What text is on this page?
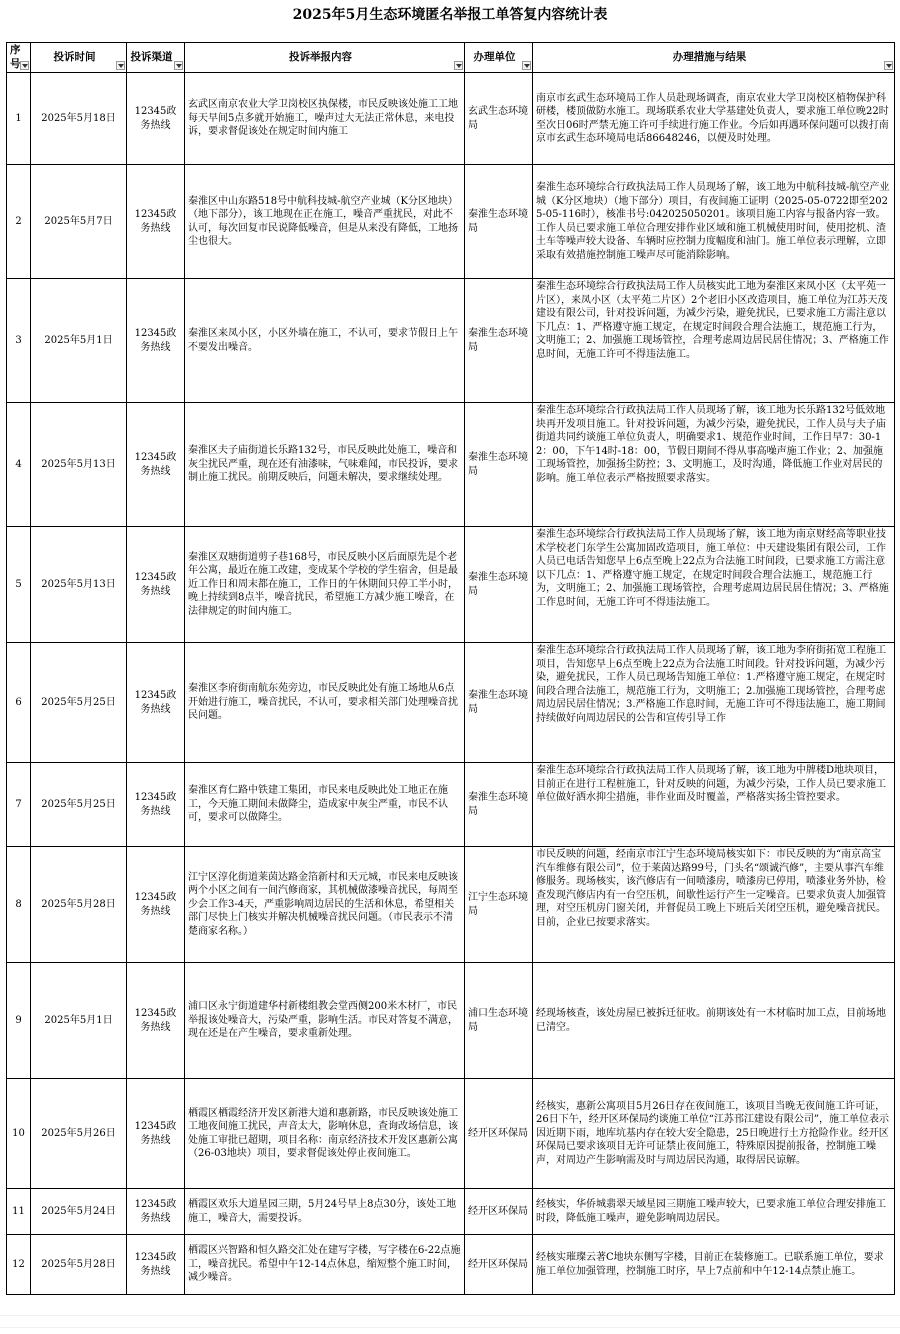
2025年5月生态环境匿名举报工单答复内容统计表
序号	投诉时间	投诉渠道	投诉举报内容	办理单位	办理措施与结果

1	2025年5月18日	12345政务热线	玄武区南京农业大学卫岗校区执保楼，市民反映该处施工工地每天早间5点多就开始施工，噪声过大无法正常休息，来电投诉，要求督促该处在规定时间内施工	玄武生态环境局	南京市玄武生态环境局工作人员赴现场调查，南京农业大学卫岗校区植物保护科研楼，楼顶做防水施工。现场联系农业大学基建处负责人，要求施工单位晚22时至次日06时严禁无施工许可手续进行施工作业。今后如再遇环保问题可以拨打南京市玄武生态环境局电话86648246，以便及时处理。
2	2025年5月7日	12345政务热线	秦淮区中山东路518号中航科技城-航空产业城（K分区地块）（地下部分），该工地现在正在施工，噪音严重扰民，对此不认可，每次回复市民说降低噪音，但是从来没有降低，工地扬尘也很大。	秦淮生态环境局	秦淮生态环境综合行政执法局工作人员现场了解，该工地为中航科技城-航空产业城（K分区地块）（地下部分）项目，有夜间施工证明（2025-05-0722即至2025-05-116时），核准书号:042025050201。该项目施工内容与报备内容一致。工作人员已要求施工单位合理安排作业区域和施工机械使用时间，使用挖机、渣土车等噪声较大设备、车辆时应控制力度幅度和油门。施工单位表示理解，立即采取有效措施控制施工噪声尽可能消除影响。
3	2025年5月1日	12345政务热线	秦淮区来凤小区，小区外墙在施工，不认可，要求节假日上午不要发出噪音。	秦淮生态环境局	秦淮生态环境综合行政执法局工作人员核实此工地为秦淮区来凤小区（太平苑一片区），来凤小区（太平苑二片区）2个老旧小区改造项目，施工单位为江苏天茂建设有限公司，针对投诉问题，为减少污染，避免扰民，已要求施工方需注意以下几点：1、严格遵守施工规定，在规定时间段合理合法施工，规范施工行为，文明施工；2、加强施工现场管控，合理考虑周边居民居住情况；3、严格施工作息时间，无施工许可不得违法施工。
4	2025年5月13日	12345政务热线	秦淮区夫子庙街道长乐路132号，市民反映此处施工，噪音和灰尘扰民严重，现在还有油漆味，气味难闻，市民投诉，要求制止施工扰民。前期反映后，问题未解决，要求继续处理。	秦淮生态环境局	秦淮生态环境综合行政执法局工作人员现场了解，该工地为长乐路132号低效地块再开发项目施工。针对投诉问题，为减少污染，避免扰民，工作人员与夫子庙街道共同约谈施工单位负责人，明确要求1、规范作业时间，工作日早7：30-12：00，下午14时-18：00，节假日期间不得从事高噪声施工作业；2、加强施工现场管控，加强扬尘防控；3、文明施工，及时沟通，降低施工作业对居民的影响。施工单位表示严格按照要求落实。
5	2025年5月13日	12345政务热线	秦淮区双塘街道剪子巷168号，市民反映小区后面原先是个老年公寓，最近在施工改建，变成某个学校的学生宿舍，但是最近工作日和周末都在施工，工作日的午休期间只停工半小时，晚上持续到8点半，噪音扰民，希望施工方减少施工噪音，在法律规定的时间内施工。	秦淮生态环境局	秦淮生态环境综合行政执法局工作人员现场了解，该工地为南京财经高等职业技术学校老门东学生公寓加固改造项目，施工单位：中天建设集团有限公司，工作人员已电话告知您早上6点至晚上22点为合法施工时间段，已要求施工方需注意以下几点：1、严格遵守施工规定，在规定时间段合理合法施工，规范施工行为，文明施工；2、加强施工现场管控，合理考虑周边居民居住情况；3、严格施工作息时间，无施工许可不得违法施工。
6	2025年5月25日	12345政务热线	秦淮区李府街南航东苑旁边，市民反映此处有施工场地从6点开始进行施工，噪音扰民，不认可，要求相关部门处理噪音扰民问题。	秦淮生态环境局	秦淮生态环境综合行政执法局工作人员现场了解，该工地为李府街拓宽工程施工项目，告知您早上6点至晚上22点为合法施工时间段。针对投诉问题，为减少污染，避免扰民，工作人员已现场告知施工单位：1.严格遵守施工规定，在规定时间段合理合法施工，规范施工行为，文明施工；2.加强施工现场管控，合理考虑周边居民居住情况；3.严格施工作息时间，无施工许可不得违法施工，施工期间持续做好向周边居民的公告和宣传引导工作
7	2025年5月25日	12345政务热线	秦淮区育仁路中铁建工集团，市民来电反映此处工地正在施工，今天施工期间未做降尘，造成家中灰尘严重，市民不认可，要求可以做降尘。	秦淮生态环境局	秦淮生态环境综合行政执法局工作人员现场了解，该工地为中牌楼D地块项目，目前正在进行工程桩施工，针对反映的问题，为减少污染，工作人员已要求施工单位做好洒水抑尘措施，非作业面及时覆盖，严格落实扬尘管控要求。
8	2025年5月28日	12345政务热线	江宁区淳化街道莱茵达路金箔新村和天元城，市民来电反映该两个小区之间有一间汽修商家，其机械做漆噪音扰民，每周至少会工作3-4天，严重影响周边居民的生活和休息，希望相关部门尽快上门核实并解决机械噪音扰民问题。（市民表示不清楚商家名称。）	江宁生态环境局	市民反映的问题，经南京市江宁生态环境局核实如下：市民反映的为“南京高宝汽车维修有限公司”，位于莱茵达路99号，门头名“颂诚汽修”，主要从事汽车维修服务。现场核实，该汽修店有一间喷漆房，喷漆房已停用，喷漆业务外协，检查发现汽修店内有一台空压机，间歇性运行产生一定噪音。已要求负责人加强管理，对空压机房门窗关闭，并督促员工晚上下班后关闭空压机，避免噪音扰民。目前，企业已按要求落实。
9	2025年5月1日	12345政务热线	浦口区永宁街道建华村新楼组教会堂西侧200米木材厂，市民举报该处噪音大，污染严重，影响生活。市民对答复不满意，现在还是在产生噪音，要求重新处理。	浦口生态环境局	经现场核查，该处房屋已被拆迁征收。前期该处有一木材临时加工点，目前场地已清空。
10	2025年5月26日	12345政务热线	栖霞区栖霞经济开发区新港大道和惠新路，市民反映该处施工工地夜间施工扰民，声音太大，影响休息，查询改场信息，该处施工审批已超期，项目名称：南京经济技术开发区惠新公寓（26-03地块）项目，要求督促该处停止夜间施工。	经开区环保局	经核实，惠新公寓项目5月26日存在夜间施工，该项目当晚无夜间施工许可证，26日下午，经开区环保局约谈施工单位“江苏邗江建设有限公司”，施工单位表示因近期下雨，地库坑基内存在较大安全隐患，25日晚进行土方抢险作业。经开区环保局已要求该项目无许可证禁止夜间施工，特殊原因提前报备，控制施工噪声，对周边产生影响需及时与周边居民沟通，取得居民谅解。
11	2025年5月24日	12345政务热线	栖霞区欢乐大道星园三期，5月24号早上8点30分，该处工地施工，噪音大，需要投诉。	经开区环保局	经核实，华侨城翡翠天域星园三期施工噪声较大，已要求施工单位合理安排施工时段，降低施工噪声，避免影响周边居民。
12	2025年5月28日	12345政务热线	栖霞区兴智路和恒久路交汇处在建写字楼，写字楼在6-22点施工，噪音扰民。希望中午12-14点休息，缩短整个施工时间，减少噪音。	经开区环保局	经核实璀璨云著C地块东侧写字楼，目前正在装修施工。已联系施工单位，要求施工单位加强管理，控制施工时序，早上7点前和中午12-14点禁止施工。
